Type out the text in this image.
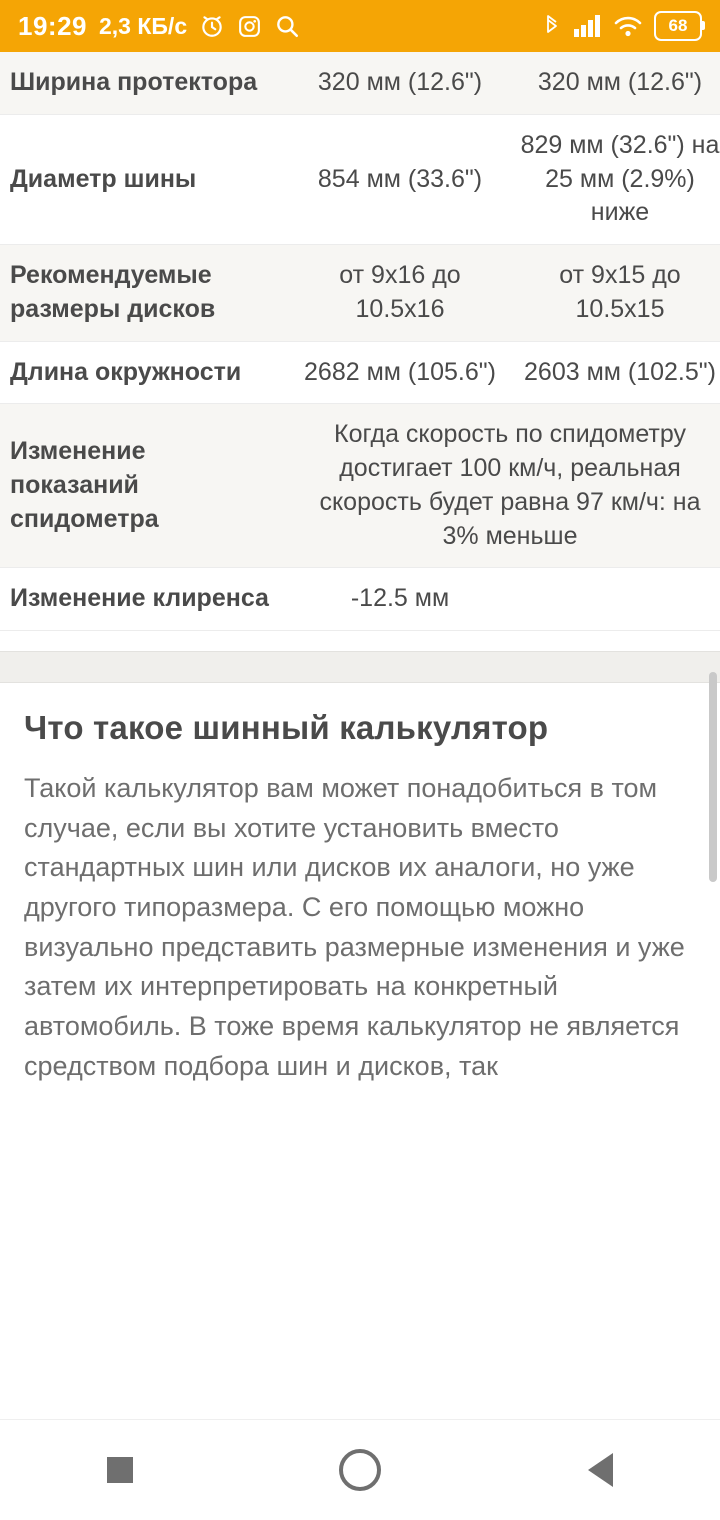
19:29 2,3 КБ/с	68
Ширина протектора	320 мм (12.6")	320 мм (12.6")
Диаметр шины	854 мм (33.6")	829 мм (32.6") на 25 мм (2.9%) ниже
Рекомендуемые размеры дисков	от 9x16 до 10.5x16	от 9x15 до 10.5x15
Длина окружности	2682 мм (105.6")	2603 мм (102.5")
Изменение показаний спидометра	Когда скорость по спидометру достигает 100 км/ч, реальная скорость будет равна 97 км/ч: на 3% меньше	
Изменение клиренса	-12.5 мм	
Что такое шинный калькулятор

Такой калькулятор вам может понадобиться в том случае, если вы хотите установить вместо стандартных шин или дисков их аналоги, но уже другого типоразмера. С его помощью можно визуально представить размерные изменения и уже затем их интерпретировать на конкретный автомобиль. В тоже время калькулятор не является средством подбора шин и дисков, так
